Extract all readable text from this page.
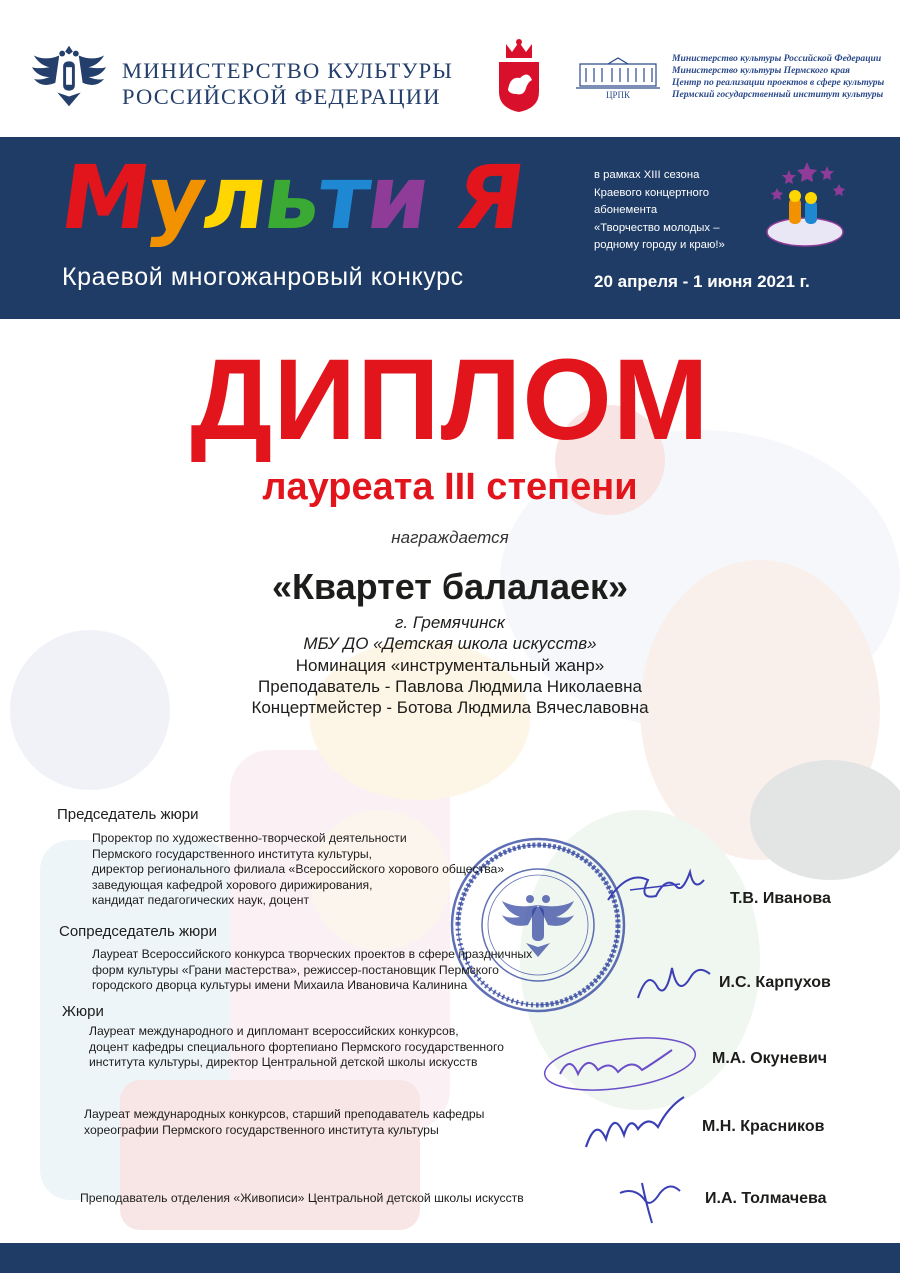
МИНИСТЕРСТВО КУЛЬТУРЫ
РОССИЙСКОЙ ФЕДЕРАЦИИ	ЦРПК
Министерство культуры Российской Федерации
Министерство культуры Пермского края
Центр по реализации проектов в сфере культуры
Пермский государственный институт культуры
Мульти Я
Краевой многожанровый конкурс
в рамках XIII сезона
Краевого концертного
абонемента
«Творчество молодых –
родному городу и краю!»
20 апреля - 1 июня 2021 г.
ДИПЛОМ
лауреата III степени
награждается
«Квартет балалаек»
г. Гремячинск
МБУ ДО «Детская школа искусств»
Номинация «инструментальный жанр»
Преподаватель - Павлова Людмила Николаевна
Концертмейстер - Ботова Людмила Вячеславовна
Председатель жюри
Проректор по художественно-творческой деятельности
Пермского государственного института культуры,
директор регионального филиала «Всероссийского хорового общества»
заведующая кафедрой хорового дирижирования,
кандидат педагогических наук, доцент	Т.В. Иванова
Сопредседатель жюри
Лауреат Всероссийского конкурса творческих проектов в сфере праздничных
форм культуры «Грани мастерства», режиссер-постановщик Пермского
городского дворца культуры имени Михаила Ивановича Калинина	И.С. Карпухов
Жюри
Лауреат международного и дипломант всероссийских конкурсов,
доцент кафедры специального фортепиано Пермского государственного
института культуры, директор Центральной детской школы искусств	М.А. Окуневич
Лауреат международных конкурсов, старший преподаватель кафедры
хореографии Пермского государственного института культуры	М.Н. Красников
Преподаватель отделения «Живописи» Центральной детской школы искусств	И.А. Толмачева
